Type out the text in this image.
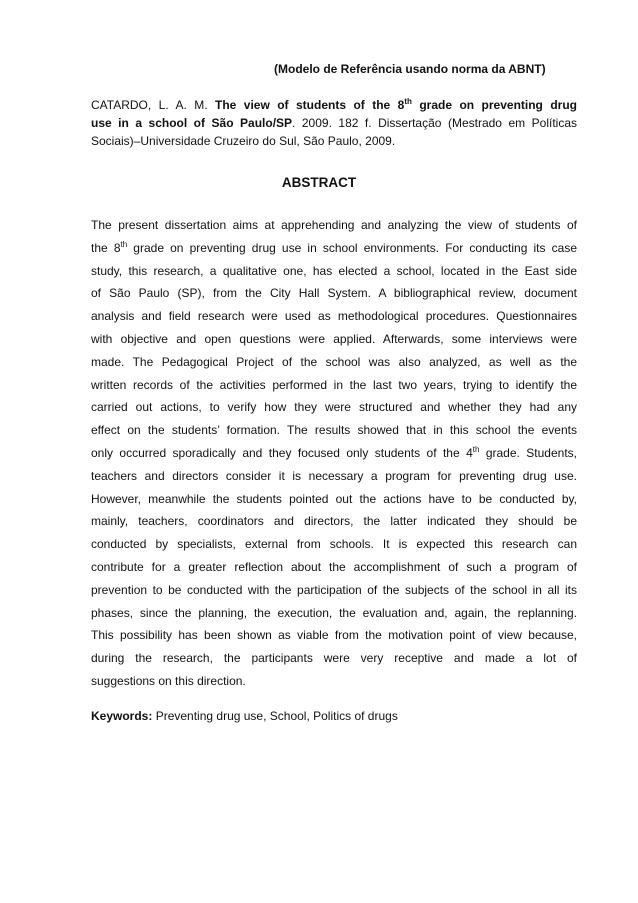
(Modelo de Referência usando norma da ABNT)
CATARDO, L. A. M. The view of students of the 8th grade on preventing drug
use in a school of São Paulo/SP. 2009. 182 f. Dissertação (Mestrado em Políticas
Sociais)–Universidade Cruzeiro do Sul, São Paulo, 2009.
ABSTRACT
The present dissertation aims at apprehending and analyzing the view of students of
the 8th grade on preventing drug use in school environments. For conducting its case
study, this research, a qualitative one, has elected a school, located in the East side
of São Paulo (SP), from the City Hall System. A bibliographical review, document
analysis and field research were used as methodological procedures. Questionnaires
with objective and open questions were applied. Afterwards, some interviews were
made. The Pedagogical Project of the school was also analyzed, as well as the
written records of the activities performed in the last two years, trying to identify the
carried out actions, to verify how they were structured and whether they had any
effect on the students’ formation. The results showed that in this school the events
only occurred sporadically and they focused only students of the 4th grade. Students,
teachers and directors consider it is necessary a program for preventing drug use.
However, meanwhile the students pointed out the actions have to be conducted by,
mainly, teachers, coordinators and directors, the latter indicated they should be
conducted by specialists, external from schools. It is expected this research can
contribute for a greater reflection about the accomplishment of such a program of
prevention to be conducted with the participation of the subjects of the school in all its
phases, since the planning, the execution, the evaluation and, again, the replanning.
This possibility has been shown as viable from the motivation point of view because,
during the research, the participants were very receptive and made a lot of
suggestions on this direction.
Keywords: Preventing drug use, School, Politics of drugs
